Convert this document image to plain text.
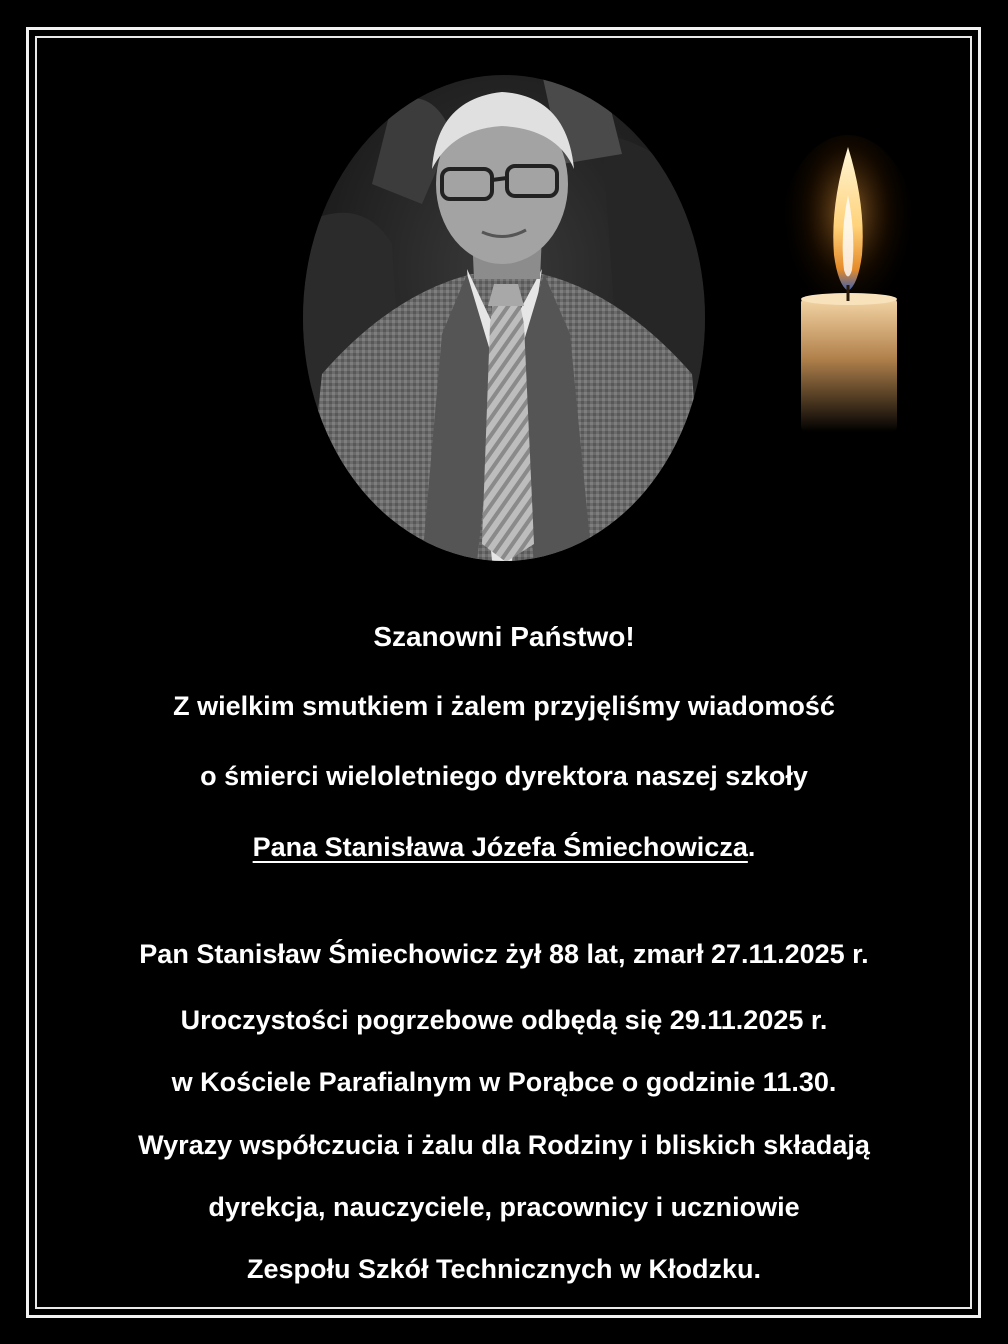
Szanowni Państwo!
Z wielkim smutkiem i żalem przyjęliśmy wiadomość
o śmierci wieloletniego dyrektora naszej szkoły
Pana Stanisława Józefa Śmiechowicza.
Pan Stanisław Śmiechowicz żył 88 lat, zmarł 27.11.2025 r.
Uroczystości pogrzebowe odbędą się 29.11.2025 r.
w Kościele Parafialnym w Porąbce o godzinie 11.30.
Wyrazy współczucia i żalu dla Rodziny i bliskich składają
dyrekcja, nauczyciele, pracownicy i uczniowie
Zespołu Szkół Technicznych w Kłodzku.
